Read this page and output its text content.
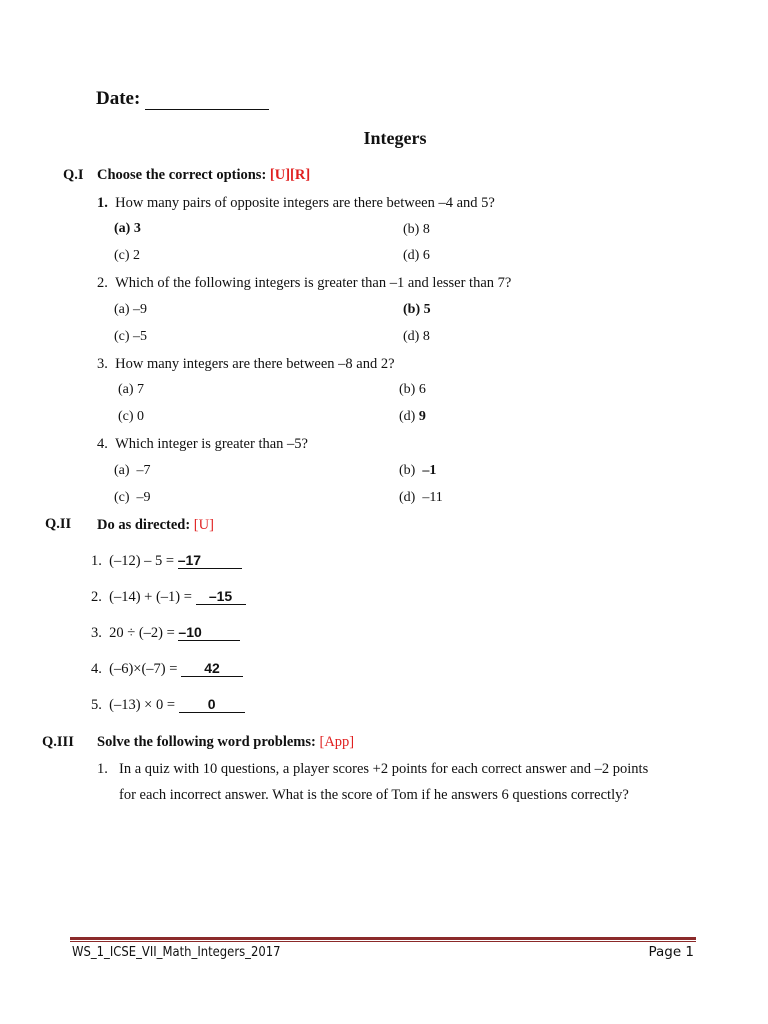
Date:
Integers
Q.I Choose the correct options: [U][R]
1. How many pairs of opposite integers are there between –4 and 5?
(a) 3	(b) 8
(c) 2	(d) 6
2. Which of the following integers is greater than –1 and lesser than 7?
(a) –9	(b) 5
(c) –5	(d) 8
3. How many integers are there between –8 and 2?
(a) 7	(b) 6
(c) 0	(d) 9
4. Which integer is greater than –5?
(a)  –7	(b) –1
(c)  –9	(d)  –11
Q.II Do as directed: [U]
1. (–12) – 5 = –17
2. (–14) + (–1) = –15
3. 20 ÷ (–2) = –10
4. (–6)×(–7) = 42
5. (–13) × 0 = 0
Q.III Solve the following word problems: [App]
1. In a quiz with 10 questions, a player scores +2 points for each correct answer and –2 points
for each incorrect answer. What is the score of Tom if he answers 6 questions correctly?
WS_1_ICSE_VII_Math_Integers_2017	Page 1
